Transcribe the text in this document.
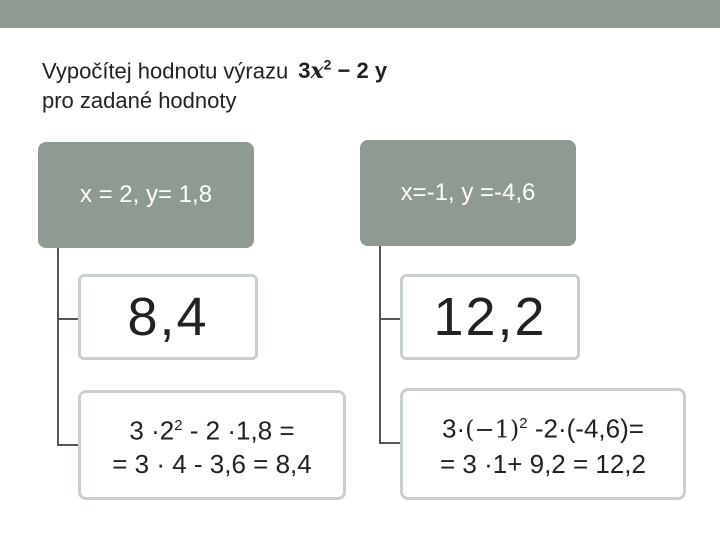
Vypočítej hodnotu výrazu $3x^2 - 2$ y
pro zadané hodnoty
x = 2, y= 1,8
8,4
$3 \cdot 2^2 - 2 \cdot 1,8$ =
= 3 · 4 - 3,6 = 8,4
x=-1, y =-4,6
12,2
$3\cdot(-1)^2$ -2·(-4,6)=
= 3 ·1+ 9,2 = 12,2
